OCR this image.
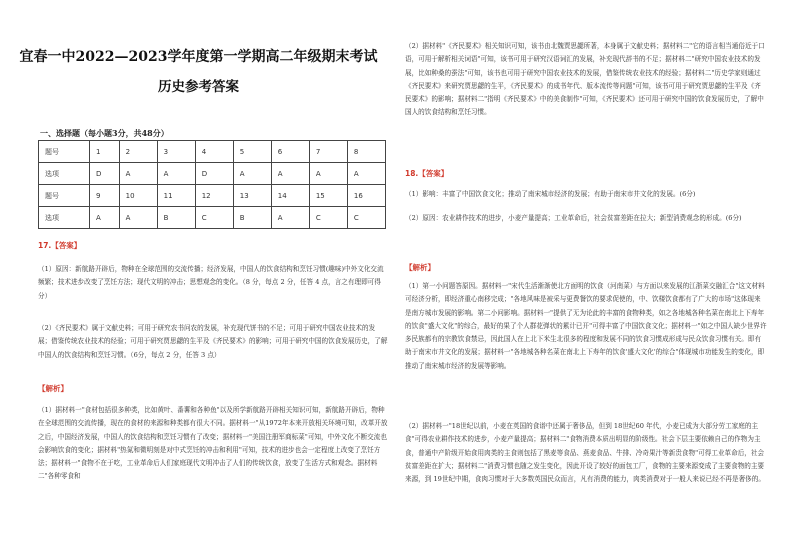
宜春一中2022—2023学年度第一学期高二年级期末考试
历史参考答案
一、选择题（每小题3分，共48分）
题号	1	2	3	4	5	6	7	8
选项	D	A	A	D	A	A	A	A
题号	9	10	11	12	13	14	15	16
选项	A	A	B	C	B	A	C	C
17.【答案】
（1）原因：新航路开辟后，物种在全球范围的交流传播；经济发展，中国人的饮食结构和烹饪习惯(趣味)中外文化交流频繁；技术进步改变了烹饪方法；现代文明的冲击；思想观念的变化。（8 分，每点 2 分，任答 4 点，言之有理即可得分）
（2）《齐民要术》属于文献史料；可用于研究农书问农的发展，补充现代饼书的不足；可用于研究中国农业技术的发展；借鉴传统农业技术的经验；可用于研究贾思勰的生平及《齐民要术》的影响；可用于研究中国的饮食发展历史，了解中国人的饮食结构和烹饪习惯。（6分，每点 2 分，任答 3 点）
【解析】
（1）据材料一"食材包括很多种类，比如黄叶、番薯和各种鱼"以及所学新航路开辟相关知识可知，新航路开辟后，物种在全球范围的交流传播，现在的食材的来源和种类都有很大不同。据材料一"从1972年本来开放相关环境可知，改革开放之后，中国经济发展，中国人的饮食结构和烹饪习惯有了改变；据材料一"美国注册军商标菜"可知，中外文化不断交流也会影响饮食的变化；据材料"热氮和微明刻是对中式烹饪的冲击和利用"可知，技术的进步也会一定程度上改变了烹饪方法；据材料一"食物不在于吃，工业革命后人们家庭现代文明冲击了人们的传统饮食，放变了生活方式和观念。据材料二"各种零食和
（2）据材料"《齐民要术》相关知识可知，该书由北魏贾思勰所著，本身属于文献史料；据材料二"它的语言相当通俗近于口语，可用于解析相关词语"可知，该书可用于研究汉语词汇的发展，补充现代辞书的不足；据材料二"研究中国农业技术的发展，比如种桑的蚕法"可知，该书也可用于研究中国农业技术的发展，借鉴传统农业技术的经验；据材料二"历史学家则通过《齐民要术》来研究贾思勰的生平，《齐民要术》的成书年代、版本流传等问题"可知，该书可用于研究贾思勰的生平及《齐民要术》的影响；据材料二"指明《齐民要术》中的美食制作"可知，《齐民要术》还可用于研究中国的饮食发展历史，了解中国人的饮食结构和烹饪习惯。
18.【答案】
（1）影响：丰富了中国饮食文化；推动了南宋城市经济的发展；有助于南宋市井文化的发展。(6分)
（2）原因：农业耕作技术的进步，小麦产量提高；工业革命后，社会贫富差距在拉大；新型消费观念的形成。(6分)
【解析】
（1）第一小问题答原因。据材料一"宋代生活渐渐使北方面明的饮食（河南菜）与方面以来发展的江浙菜交融汇合"这文材料可经济分析，即经济重心南移完成；"各地风味是被采与更费餐饮的要求促使的，中、饮楼饮食都有了广大的市场"这体现来是南方城市发展的影响。第二小问影响。据材料一"提供了无为论此的丰富的食物种类，如之各地城各种名菜在南北上下寿年的饮食"盛大文化"的综合，最好的果了个人群花弹状的累计已开"可得丰富了中国饮食文化；据材料一"如之中国人缺少世界许多民族都有的宗教饮食禁忌，因此国人在上北下米生北很多的程度和发展不同的饮食习惯成形成与民众饮食习惯有关。即有助于南宋市井文化的发展；据材料一"各地城各种名菜在南北上下寿年的饮食'盛大文化'的综合"体现城市功能发生的变化，即推动了南宋城市经济的发展等影响。
（2）据材料一"18世纪以前，小麦在英国的食谱中还属于奢侈品，但到 18世纪60 年代，小麦已成为大部分劳工家庭的主食"可得农业耕作技术的进步，小麦产量提高；据材料二"食物消费本质出明显的阶级性。社会下层主要依赖自己的作物为主食，普通中产阶级开始食用肉类的主食则包括了黑麦等食品、燕麦食品、牛排、冷奇果汁等新贵食物"可得工业革命后，社会贫富差距在扩大；据材料二"消费习惯也随之发生变化，因此开设了较好的面包工厂，食物的主要来源变成了主要食物的主要来源，到 19世纪中期，食肉习惯对于大多数英国民众而言，凡有消费的能力，肉类消费对于一般人来说已经不再是奢侈的。
